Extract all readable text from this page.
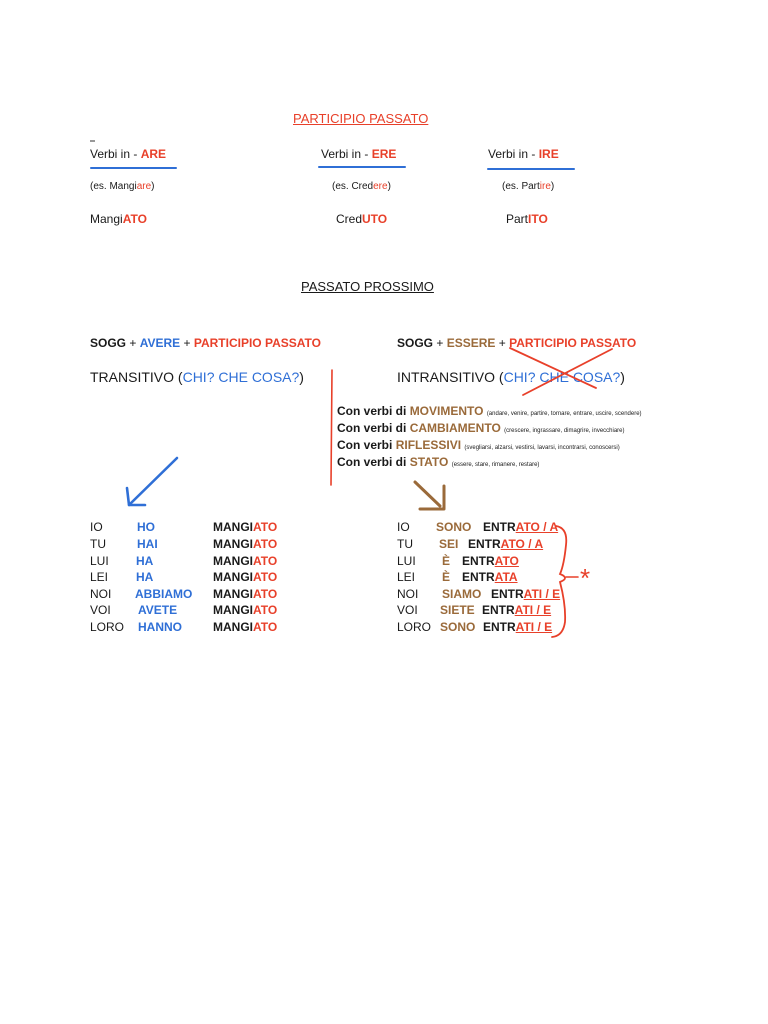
PARTICIPIO PASSATO
Verbi in - ARE
(es. Mangiare)
MangiATO
Verbi in - ERE
(es. Credere)
CredUTO
Verbi in - IRE
(es. Partire)
PartITO
PASSATO PROSSIMO
SOGG + AVERE + PARTICIPIO PASSATO	SOGG + ESSERE + PARTICIPIO PASSATO
TRANSITIVO (CHI? CHE COSA?)	INTRANSITIVO (CHI? CHE COSA?)
Con verbi di MOVIMENTO (andare, venire, partire, tornare, entrare, uscire, scendere)
Con verbi di CAMBIAMENTO (crescere, ingrassare, dimagrire, invecchiare)
Con verbi RIFLESSIVI (svegliarsi, alzarsi, vestirsi, lavarsi, incontrarsi, conoscersi)
Con verbi di STATO (essere, stare, rimanere, restare)
IO
TU
LUI
LEI
NOI
VOI
LORO
HO
HAI
HA
HA
ABBIAMO
AVETE
HANNO
MANGIATO
MANGIATO
MANGIATO
MANGIATO
MANGIATO
MANGIATO
MANGIATO
IO
TU
LUI
LEI
NOI
VOI
LORO
SONO
SEI
È
È
SIAMO
SIETE
SONO
ENTRATO / A
ENTRATO / A
ENTRATO
ENTRATA
ENTRATI / E
ENTRATI / E
ENTRATI / E
*
